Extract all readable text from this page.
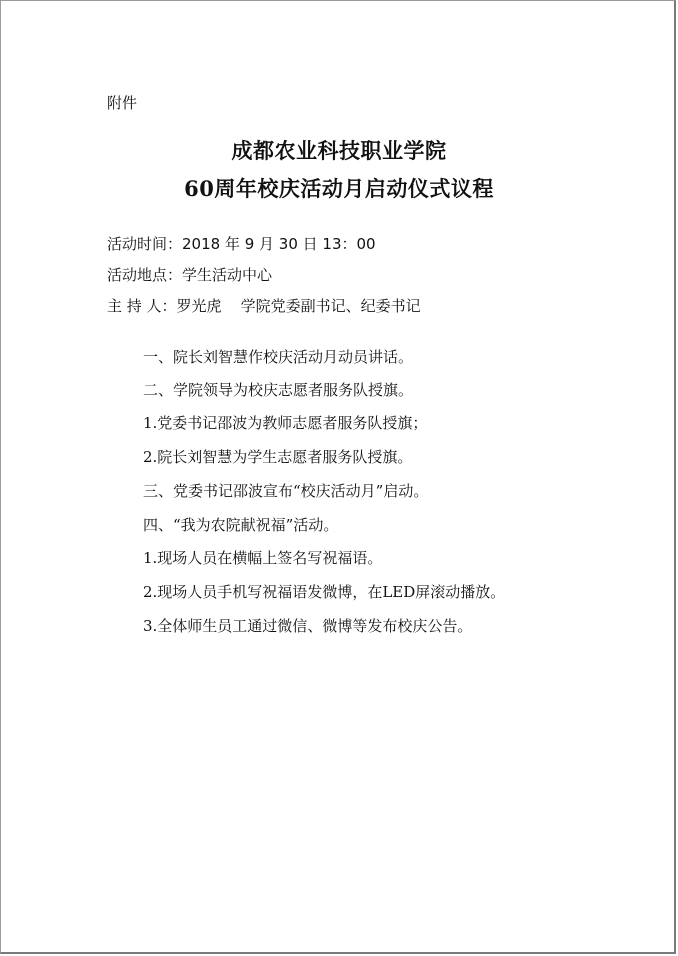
附件
成都农业科技职业学院
60周年校庆活动月启动仪式议程
活动时间：2018 年 9 月 30 日 13：00
活动地点：学生活动中心
主 持 人：罗光虎    学院党委副书记、纪委书记
一、院长刘智慧作校庆活动月动员讲话。
二、学院领导为校庆志愿者服务队授旗。
1.党委书记邵波为教师志愿者服务队授旗；
2.院长刘智慧为学生志愿者服务队授旗。
三、党委书记邵波宣布“校庆活动月”启动。
四、“我为农院献祝福”活动。
1.现场人员在横幅上签名写祝福语。
2.现场人员手机写祝福语发微博，在LED屏滚动播放。
3.全体师生员工通过微信、微博等发布校庆公告。
